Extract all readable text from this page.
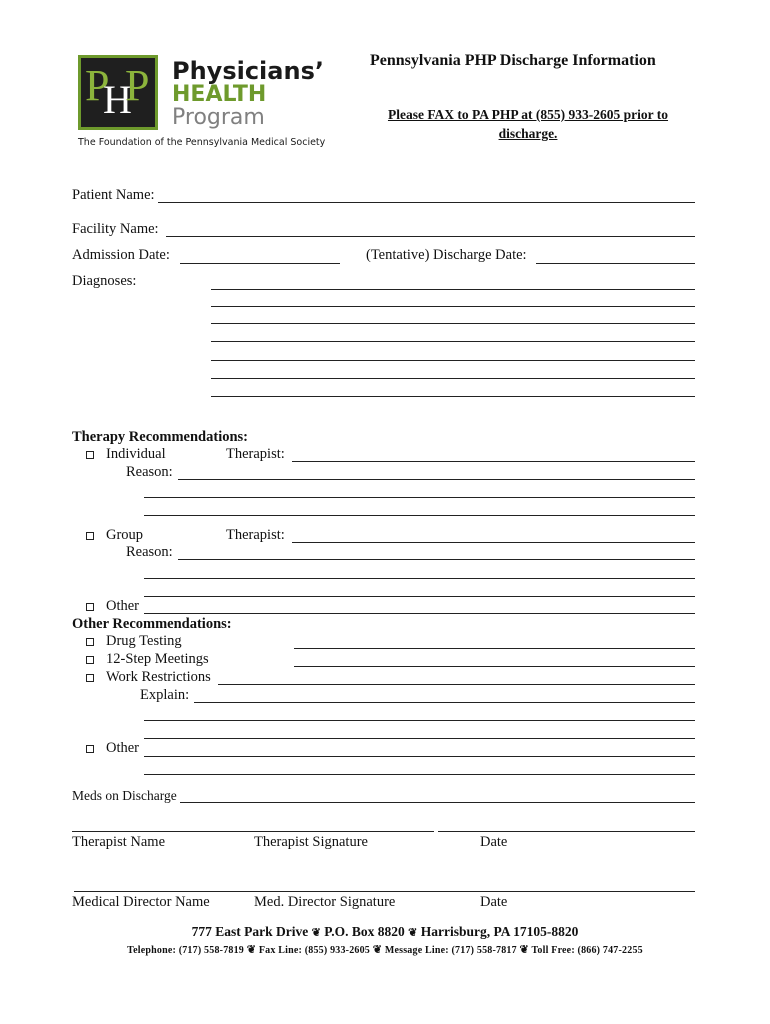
P
H
P Physicians’
HEALTH
Program
The Foundation of the Pennsylvania Medical Society
Pennsylvania PHP Discharge Information
Please FAX to PA PHP at (855) 933-2605 prior to discharge.
Patient Name:
Facility Name:
Admission Date:	(Tentative) Discharge Date:
Diagnoses:
Therapy Recommendations:
Individual	Therapist:
Reason:
Group	Therapist:
Reason:
Other
Other Recommendations:
Drug Testing
12-Step Meetings
Work Restrictions
Explain:
Other
Meds on Discharge
Therapist Name	Therapist Signature	Date
Medical Director Name	Med. Director Signature	Date
777 East Park Drive ❦ P.O. Box 8820 ❦ Harrisburg, PA 17105-8820
Telephone: (717) 558-7819 ❦ Fax Line: (855) 933-2605 ❦ Message Line: (717) 558-7817 ❦ Toll Free: (866) 747-2255
